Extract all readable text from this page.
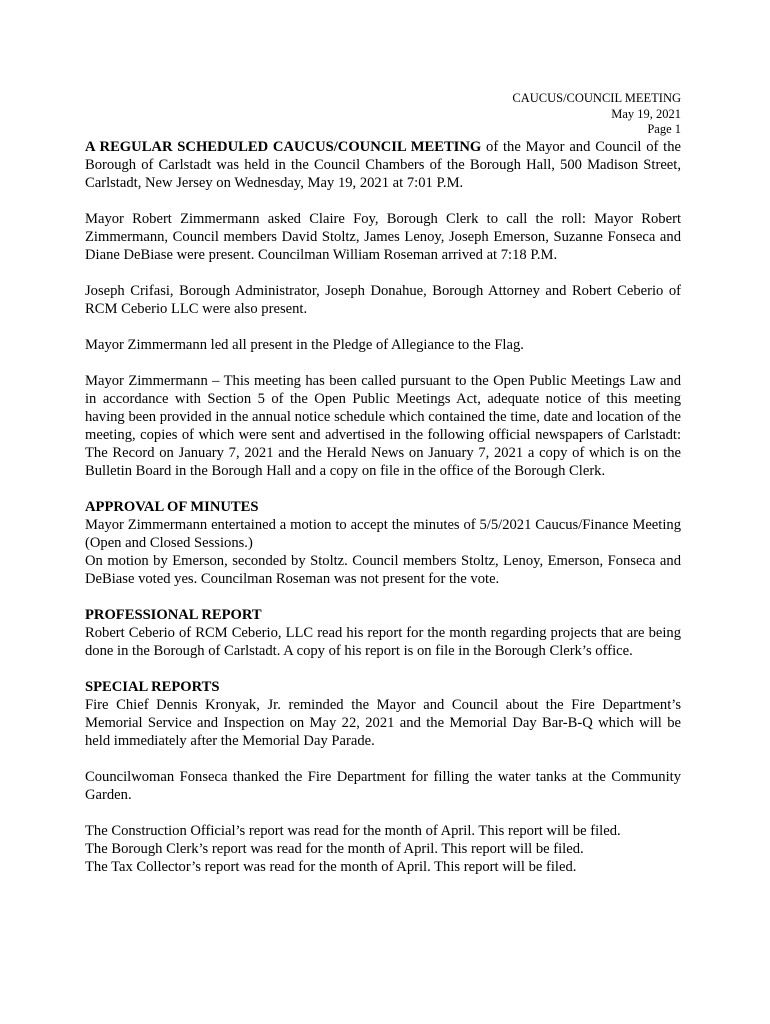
CAUCUS/COUNCIL MEETING
May 19, 2021
Page 1

A REGULAR SCHEDULED CAUCUS/COUNCIL MEETING of the Mayor and Council of the Borough of Carlstadt was held in the Council Chambers of the Borough Hall, 500 Madison Street, Carlstadt, New Jersey on Wednesday, May 19, 2021 at 7:01 P.M.

Mayor Robert Zimmermann asked Claire Foy, Borough Clerk to call the roll: Mayor Robert Zimmermann, Council members David Stoltz, James Lenoy, Joseph Emerson, Suzanne Fonseca and Diane DeBiase were present. Councilman William Roseman arrived at 7:18 P.M.

Joseph Crifasi, Borough Administrator, Joseph Donahue, Borough Attorney and Robert Ceberio of RCM Ceberio LLC were also present.

Mayor Zimmermann led all present in the Pledge of Allegiance to the Flag.

Mayor Zimmermann – This meeting has been called pursuant to the Open Public Meetings Law and in accordance with Section 5 of the Open Public Meetings Act, adequate notice of this meeting having been provided in the annual notice schedule which contained the time, date and location of the meeting, copies of which were sent and advertised in the following official newspapers of Carlstadt: The Record on January 7, 2021 and the Herald News on January 7, 2021 a copy of which is on the Bulletin Board in the Borough Hall and a copy on file in the office of the Borough Clerk.

APPROVAL OF MINUTES

Mayor Zimmermann entertained a motion to accept the minutes of 5/5/2021 Caucus/Finance Meeting (Open and Closed Sessions.)

On motion by Emerson, seconded by Stoltz. Council members Stoltz, Lenoy, Emerson, Fonseca and DeBiase voted yes. Councilman Roseman was not present for the vote.

PROFESSIONAL REPORT

Robert Ceberio of RCM Ceberio, LLC read his report for the month regarding projects that are being done in the Borough of Carlstadt. A copy of his report is on file in the Borough Clerk’s office.

SPECIAL REPORTS

Fire Chief Dennis Kronyak, Jr. reminded the Mayor and Council about the Fire Department’s Memorial Service and Inspection on May 22, 2021 and the Memorial Day Bar-B-Q which will be held immediately after the Memorial Day Parade.

Councilwoman Fonseca thanked the Fire Department for filling the water tanks at the Community Garden.

The Construction Official’s report was read for the month of April. This report will be filed.

The Borough Clerk’s report was read for the month of April. This report will be filed.

The Tax Collector’s report was read for the month of April. This report will be filed.
